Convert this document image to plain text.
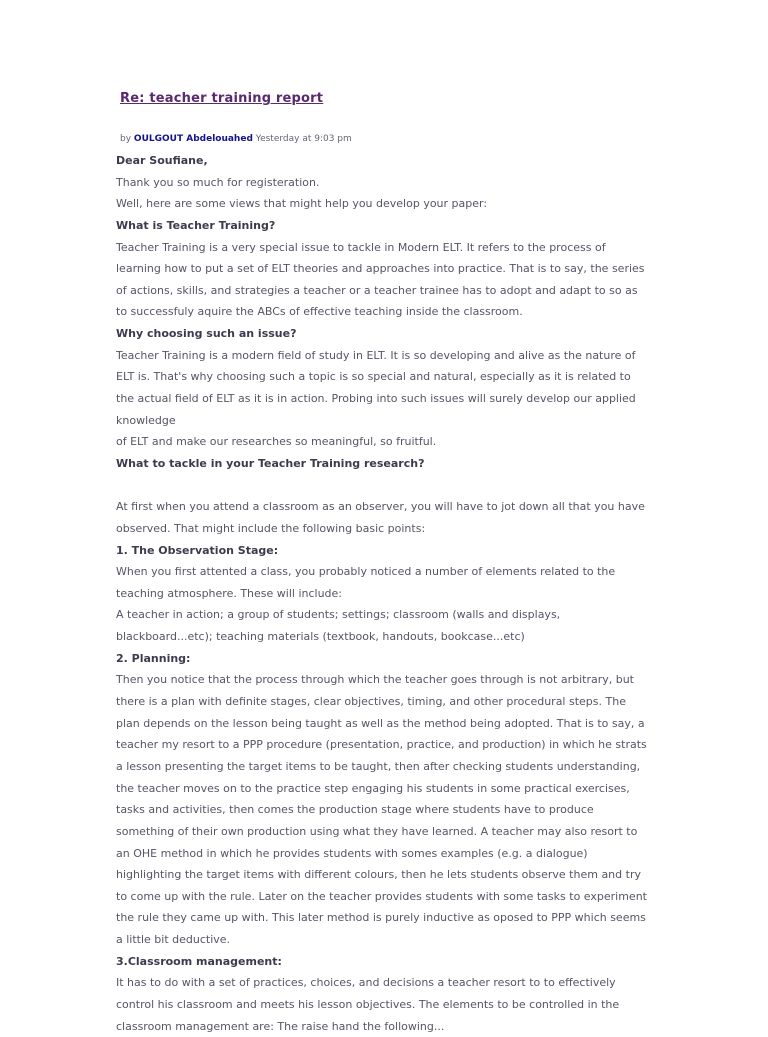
Re: teacher training report
by OULGOUT Abdelouahed Yesterday at 9:03 pm
Dear Soufiane,
Thank you so much for registeration.
Well, here are some views that might help you develop your paper:
What is Teacher Training?
Teacher Training is a very special issue to tackle in Modern ELT. It refers to the process of
learning how to put a set of ELT theories and approaches into practice. That is to say, the series
of actions, skills, and strategies a teacher or a teacher trainee has to adopt and adapt to so as
to successfuly aquire the ABCs of effective teaching inside the classroom.
Why choosing such an issue?
Teacher Training is a modern field of study in ELT. It is so developing and alive as the nature of
ELT is. That's why choosing such a topic is so special and natural, especially as it is related to
the actual field of ELT as it is in action. Probing into such issues will surely develop our applied
knowledge
of ELT and make our researches so meaningful, so fruitful.
What to tackle in your Teacher Training research?
At first when you attend a classroom as an observer, you will have to jot down all that you have
observed. That might include the following basic points:
1. The Observation Stage:
When you first attented a class, you probably noticed a number of elements related to the
teaching atmosphere. These will include:
A teacher in action; a group of students; settings; classroom (walls and displays,
blackboard...etc); teaching materials (textbook, handouts, bookcase...etc)
2. Planning:
Then you notice that the process through which the teacher goes through is not arbitrary, but
there is a plan with definite stages, clear objectives, timing, and other procedural steps. The
plan depends on the lesson being taught as well as the method being adopted. That is to say, a
teacher my resort to a PPP procedure (presentation, practice, and production) in which he strats
a lesson presenting the target items to be taught, then after checking students understanding,
the teacher moves on to the practice step engaging his students in some practical exercises,
tasks and activities, then comes the production stage where students have to produce
something of their own production using what they have learned. A teacher may also resort to
an OHE method in which he provides students with somes examples (e.g. a dialogue)
highlighting the target items with different colours, then he lets students observe them and try
to come up with the rule. Later on the teacher provides students with some tasks to experiment
the rule they came up with. This later method is purely inductive as oposed to PPP which seems
a little bit deductive.
3.Classroom management:
It has to do with a set of practices, choices, and decisions a teacher resort to to effectively
control his classroom and meets his lesson objectives. The elements to be controlled in the
classroom management are: The raise hand the following...
